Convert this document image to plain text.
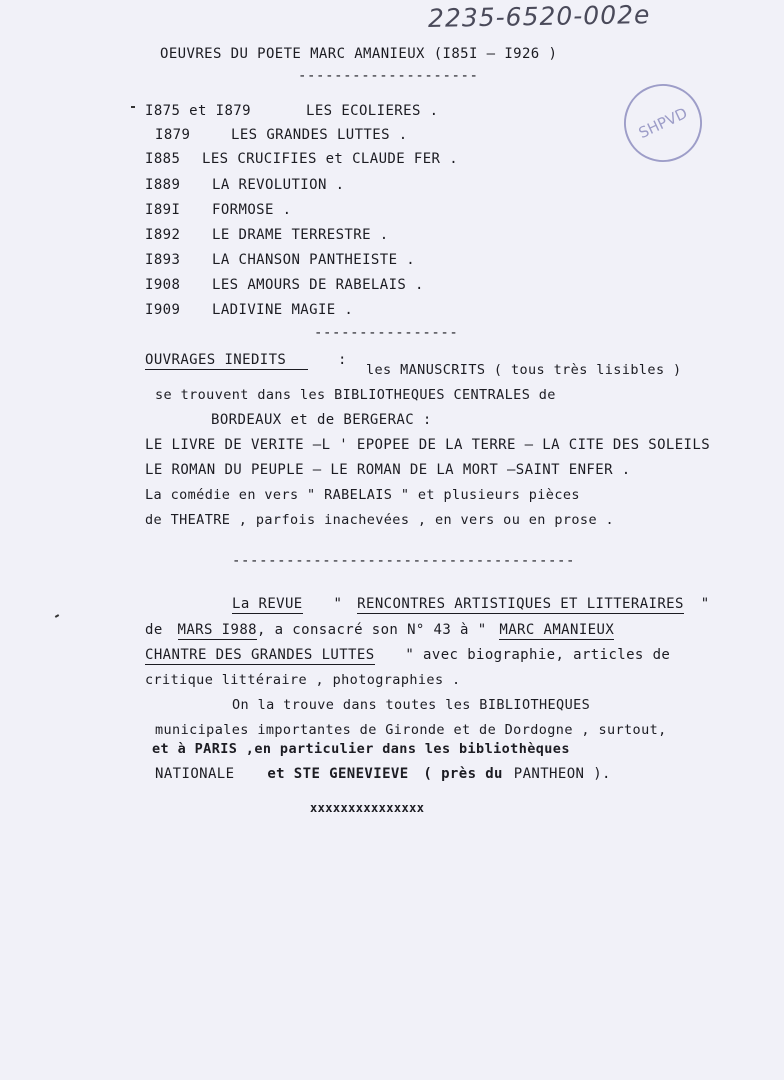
2235-6520-002e
SHPVD
OEUVRES DU POETE MARC AMANIEUX (I85I – I926 )
--------------------
I875 et I879	LES ECOLIERES .
I879	LES GRANDES LUTTES .
I885 LES CRUCIFIES et CLAUDE FER .
I889 LA REVOLUTION .
I89I FORMOSE .
I892 LE DRAME TERRESTRE .
I893 LA CHANSON PANTHEISTE .
I908 LES AMOURS DE RABELAIS .
I909 LADIVINE MAGIE .
----------------
OUVRAGES INEDITS	:
les MANUSCRITS ( tous très lisibles )
se trouvent dans les BIBLIOTHEQUES CENTRALES de
BORDEAUX et de BERGERAC :
LE LIVRE DE VERITE –L ' EPOPEE DE LA TERRE – LA CITE DES SOLEILS
LE ROMAN DU PEUPLE – LE ROMAN DE LA MORT –SAINT ENFER .
La comédie en vers " RABELAIS " et plusieurs pièces
de THEATRE , parfois inachevées , en vers ou en prose .
--------------------------------------
La REVUE " RENCONTRES ARTISTIQUES ET LITTERAIRES "
de MARS I988, a consacré son N° 43 à " MARC AMANIEUX
CHANTRE DES GRANDES LUTTES " avec biographie, articles de
critique littéraire , photographies .
On la trouve dans toutes les BIBLIOTHEQUES
municipales importantes de Gironde et de Dordogne , surtout,
et à PARIS ,en particulier dans les bibliothèques
NATIONALE et STE GENEVIEVE ( près du PANTHEON ).
xxxxxxxxxxxxxxx
